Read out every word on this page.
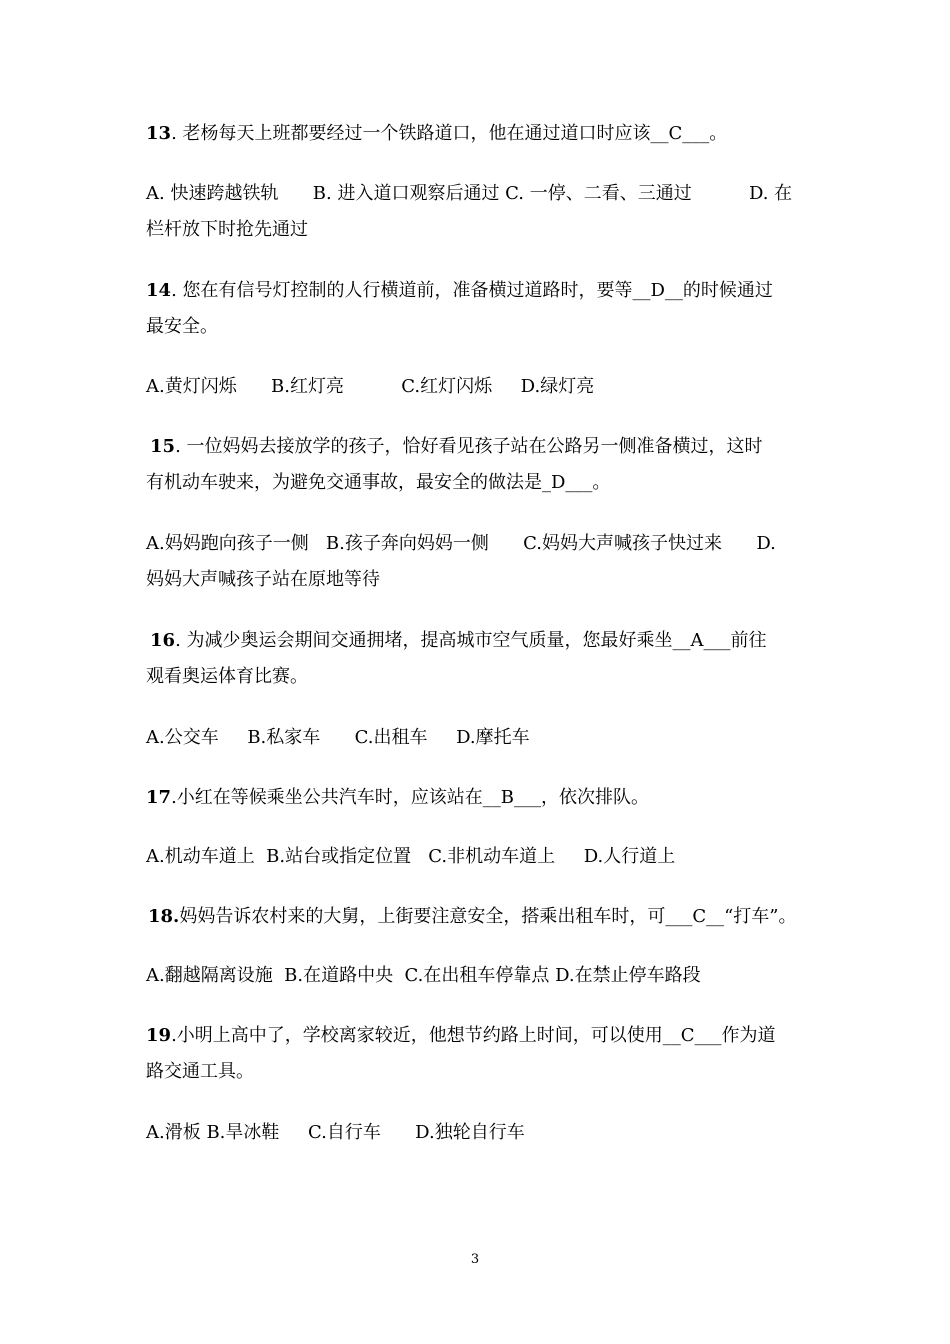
13. 老杨每天上班都要经过一个铁路道口，他在通过道口时应该__C___。
A. 快速跨越铁轨      B. 进入道口观察后通过 C. 一停、二看、三通过          D. 在
栏杆放下时抢先通过
14. 您在有信号灯控制的人行横道前，准备横过道路时，要等__D__的时候通过
最安全。
A.黄灯闪烁      B.红灯亮          C.红灯闪烁     D.绿灯亮
15. 一位妈妈去接放学的孩子，恰好看见孩子站在公路另一侧准备横过，这时
有机动车驶来，为避免交通事故，最安全的做法是_D___。
A.妈妈跑向孩子一侧   B.孩子奔向妈妈一侧      C.妈妈大声喊孩子快过来      D.
妈妈大声喊孩子站在原地等待
16. 为减少奥运会期间交通拥堵，提高城市空气质量，您最好乘坐__A___前往
观看奥运体育比赛。
A.公交车     B.私家车      C.出租车     D.摩托车
17.小红在等候乘坐公共汽车时，应该站在__B___，依次排队。
A.机动车道上  B.站台或指定位置   C.非机动车道上     D.人行道上
18.妈妈告诉农村来的大舅，上街要注意安全，搭乘出租车时，可___C__“打车”。
A.翻越隔离设施  B.在道路中央  C.在出租车停靠点 D.在禁止停车路段
19.小明上高中了，学校离家较近，他想节约路上时间，可以使用__C___作为道
路交通工具。
A.滑板 B.旱冰鞋     C.自行车      D.独轮自行车
3
